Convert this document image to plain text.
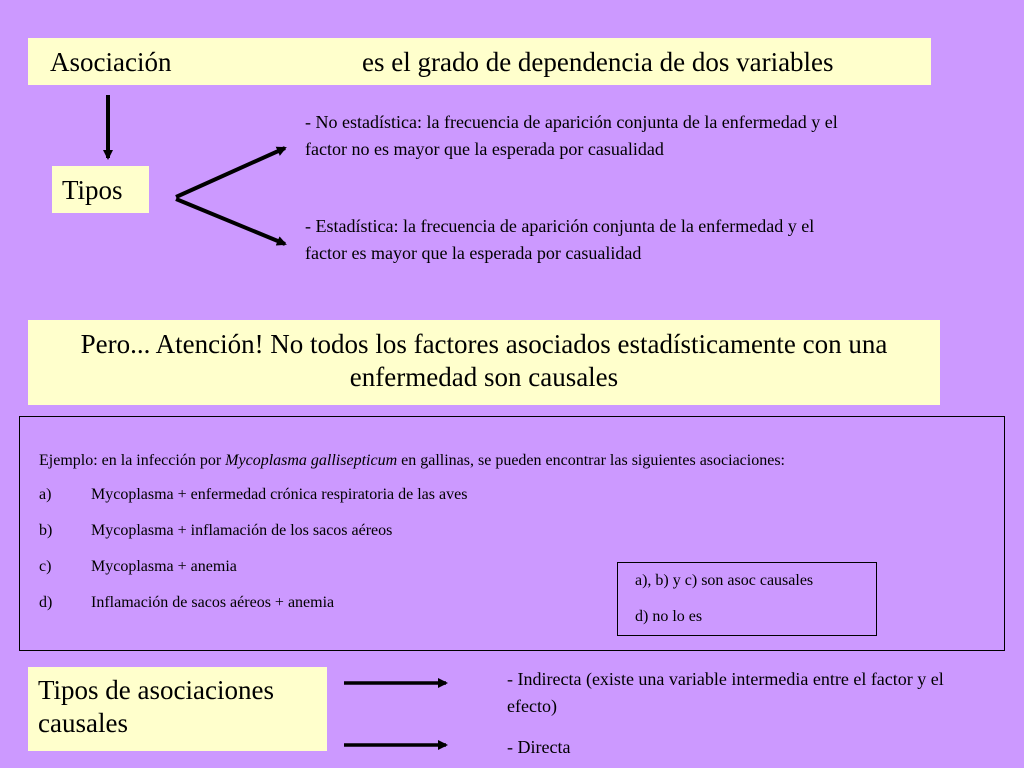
Asociación	es el grado de dependencia de dos variables
Tipos
- No estadística: la frecuencia de aparición conjunta de la enfermedad y el factor no es mayor que la esperada por casualidad
- Estadística: la frecuencia de aparición conjunta de la enfermedad y el factor es mayor que la esperada por casualidad
Pero... Atención! No todos los factores asociados estadísticamente con una enfermedad son causales
Ejemplo: en la infección por Mycoplasma gallisepticum en gallinas, se pueden encontrar las siguientes asociaciones:
a) Mycoplasma + enfermedad crónica respiratoria de las aves
b) Mycoplasma + inflamación de los sacos aéreos
c) Mycoplasma + anemia
d) Inflamación de sacos aéreos + anemia
a), b) y c) son asoc causales
d) no lo es
Tipos de asociaciones causales
- Indirecta (existe una variable intermedia entre el factor y el efecto)
- Directa
